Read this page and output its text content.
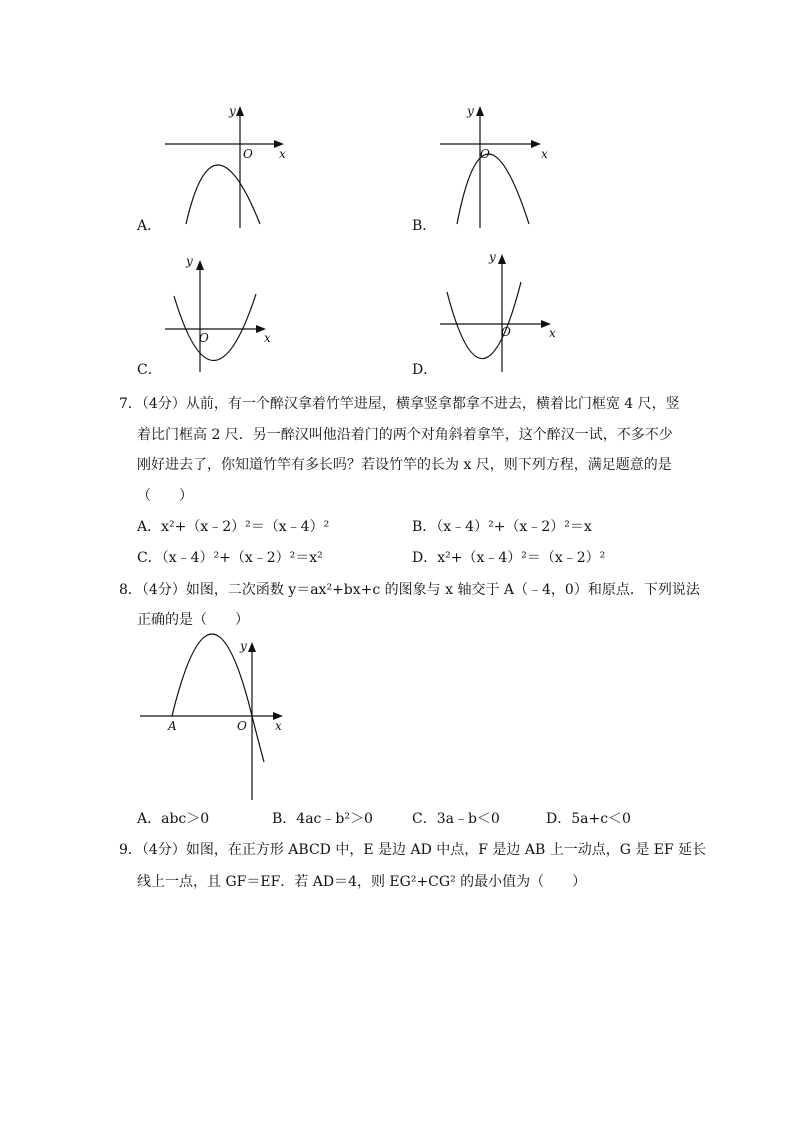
y
O x
A．
y
O	x
B．
y
O	x
C．
y
O	x
D．
7．（4分）从前，有一个醉汉拿着竹竿进屋，横拿竖拿都拿不进去，横着比门框宽 4 尺，竖
着比门框高 2 尺．另一醉汉叫他沿着门的两个对角斜着拿竿，这个醉汉一试，不多不少
刚好进去了，你知道竹竿有多长吗？若设竹竿的长为 x 尺，则下列方程，满足题意的是
（　　）
A．x²+（x﹣2）²＝（x﹣4）²	B．（x﹣4）²+（x﹣2）²＝x
C．（x﹣4）²+（x﹣2）²＝x²	D．x²+（x﹣4）²＝（x﹣2）²
8．（4分）如图，二次函数 y＝ax²+bx+c 的图象与 x 轴交于 A（﹣4，0）和原点．下列说法
正确的是（　　）
y
A	O x
A．abc＞0	B．4ac﹣b²＞0	C．3a﹣b＜0	D．5a+c＜0
9．（4分）如图，在正方形 ABCD 中，E 是边 AD 中点，F 是边 AB 上一动点，G 是 EF 延长
线上一点，且 GF＝EF．若 AD＝4，则 EG²+CG² 的最小值为（　　）
